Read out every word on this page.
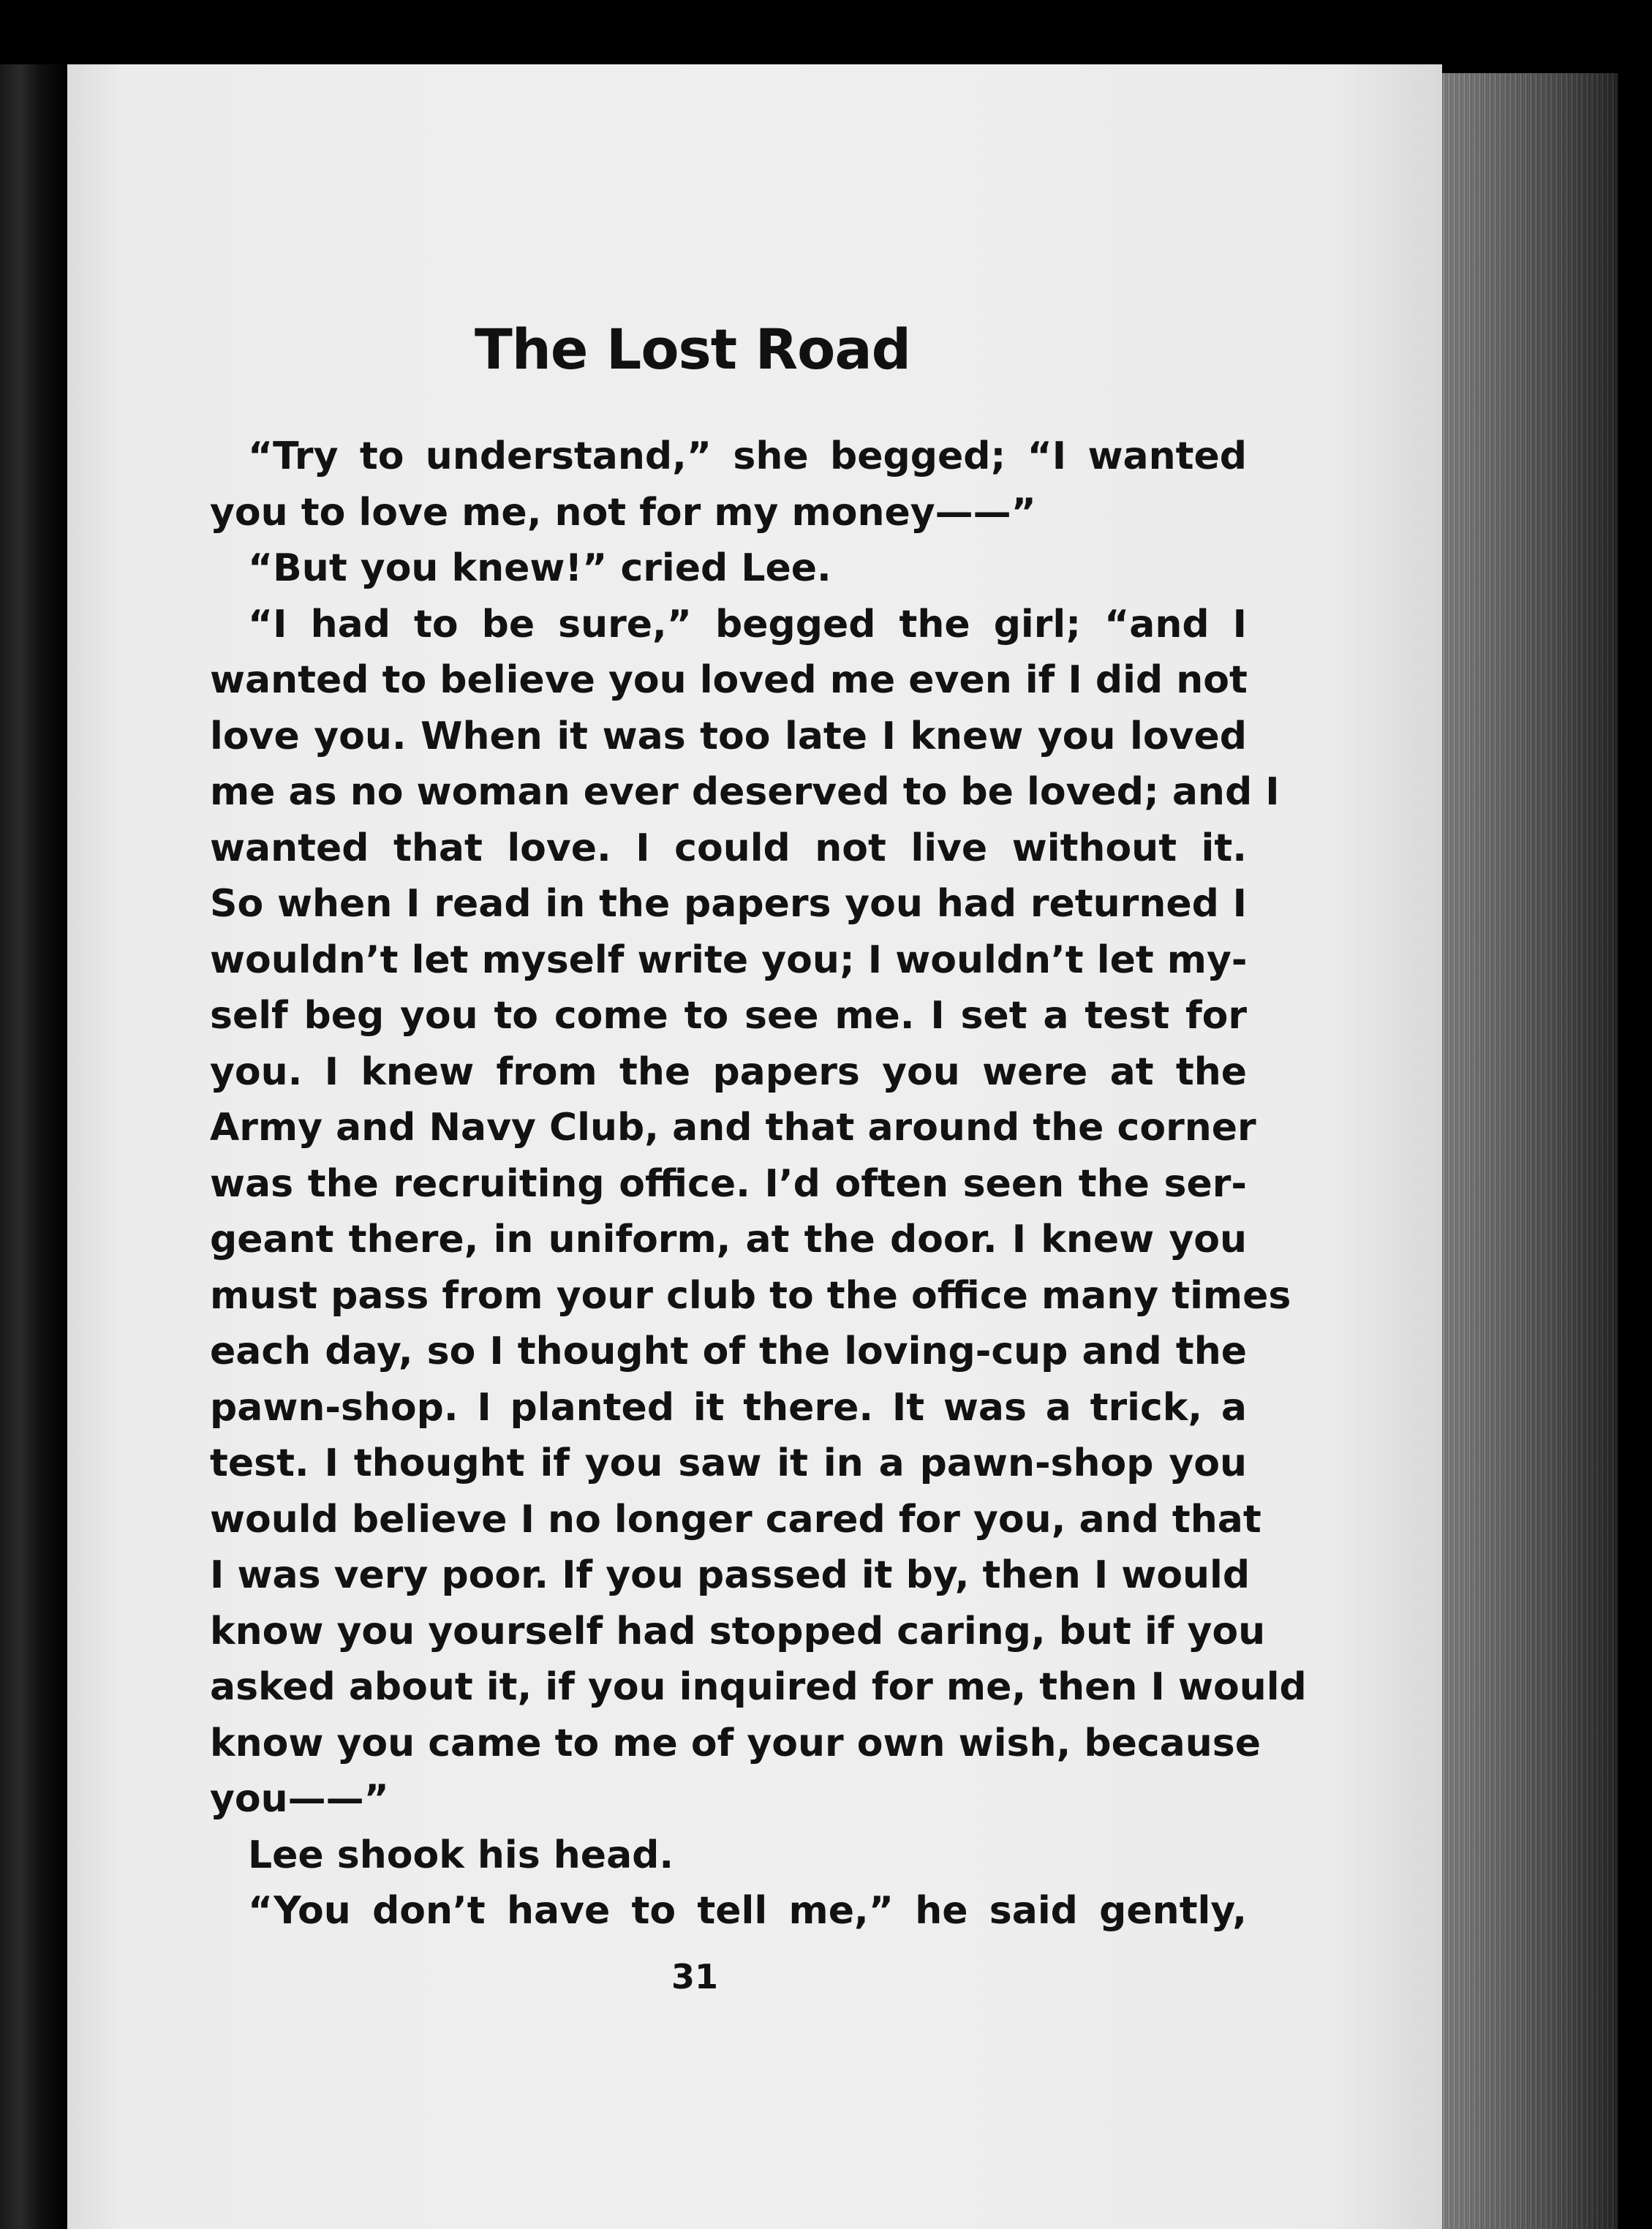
The Lost Road
“Try to understand,” she begged; “I wanted
you to love me, not for my money——”
“But you knew!” cried Lee.
“I had to be sure,” begged the girl; “and I
wanted to believe you loved me even if I did not
love you. When it was too late I knew you loved
me as no woman ever deserved to be loved; and I
wanted that love. I could not live without it.
So when I read in the papers you had returned I
wouldn’t let myself write you; I wouldn’t let my-
self beg you to come to see me. I set a test for
you. I knew from the papers you were at the
Army and Navy Club, and that around the corner
was the recruiting office. I’d often seen the ser-
geant there, in uniform, at the door. I knew you
must pass from your club to the office many times
each day, so I thought of the loving-cup and the
pawn-shop. I planted it there. It was a trick, a
test. I thought if you saw it in a pawn-shop you
would believe I no longer cared for you, and that
I was very poor. If you passed it by, then I would
know you yourself had stopped caring, but if you
asked about it, if you inquired for me, then I would
know you came to me of your own wish, because
you——”
Lee shook his head.
“You don’t have to tell me,” he said gently,
31
